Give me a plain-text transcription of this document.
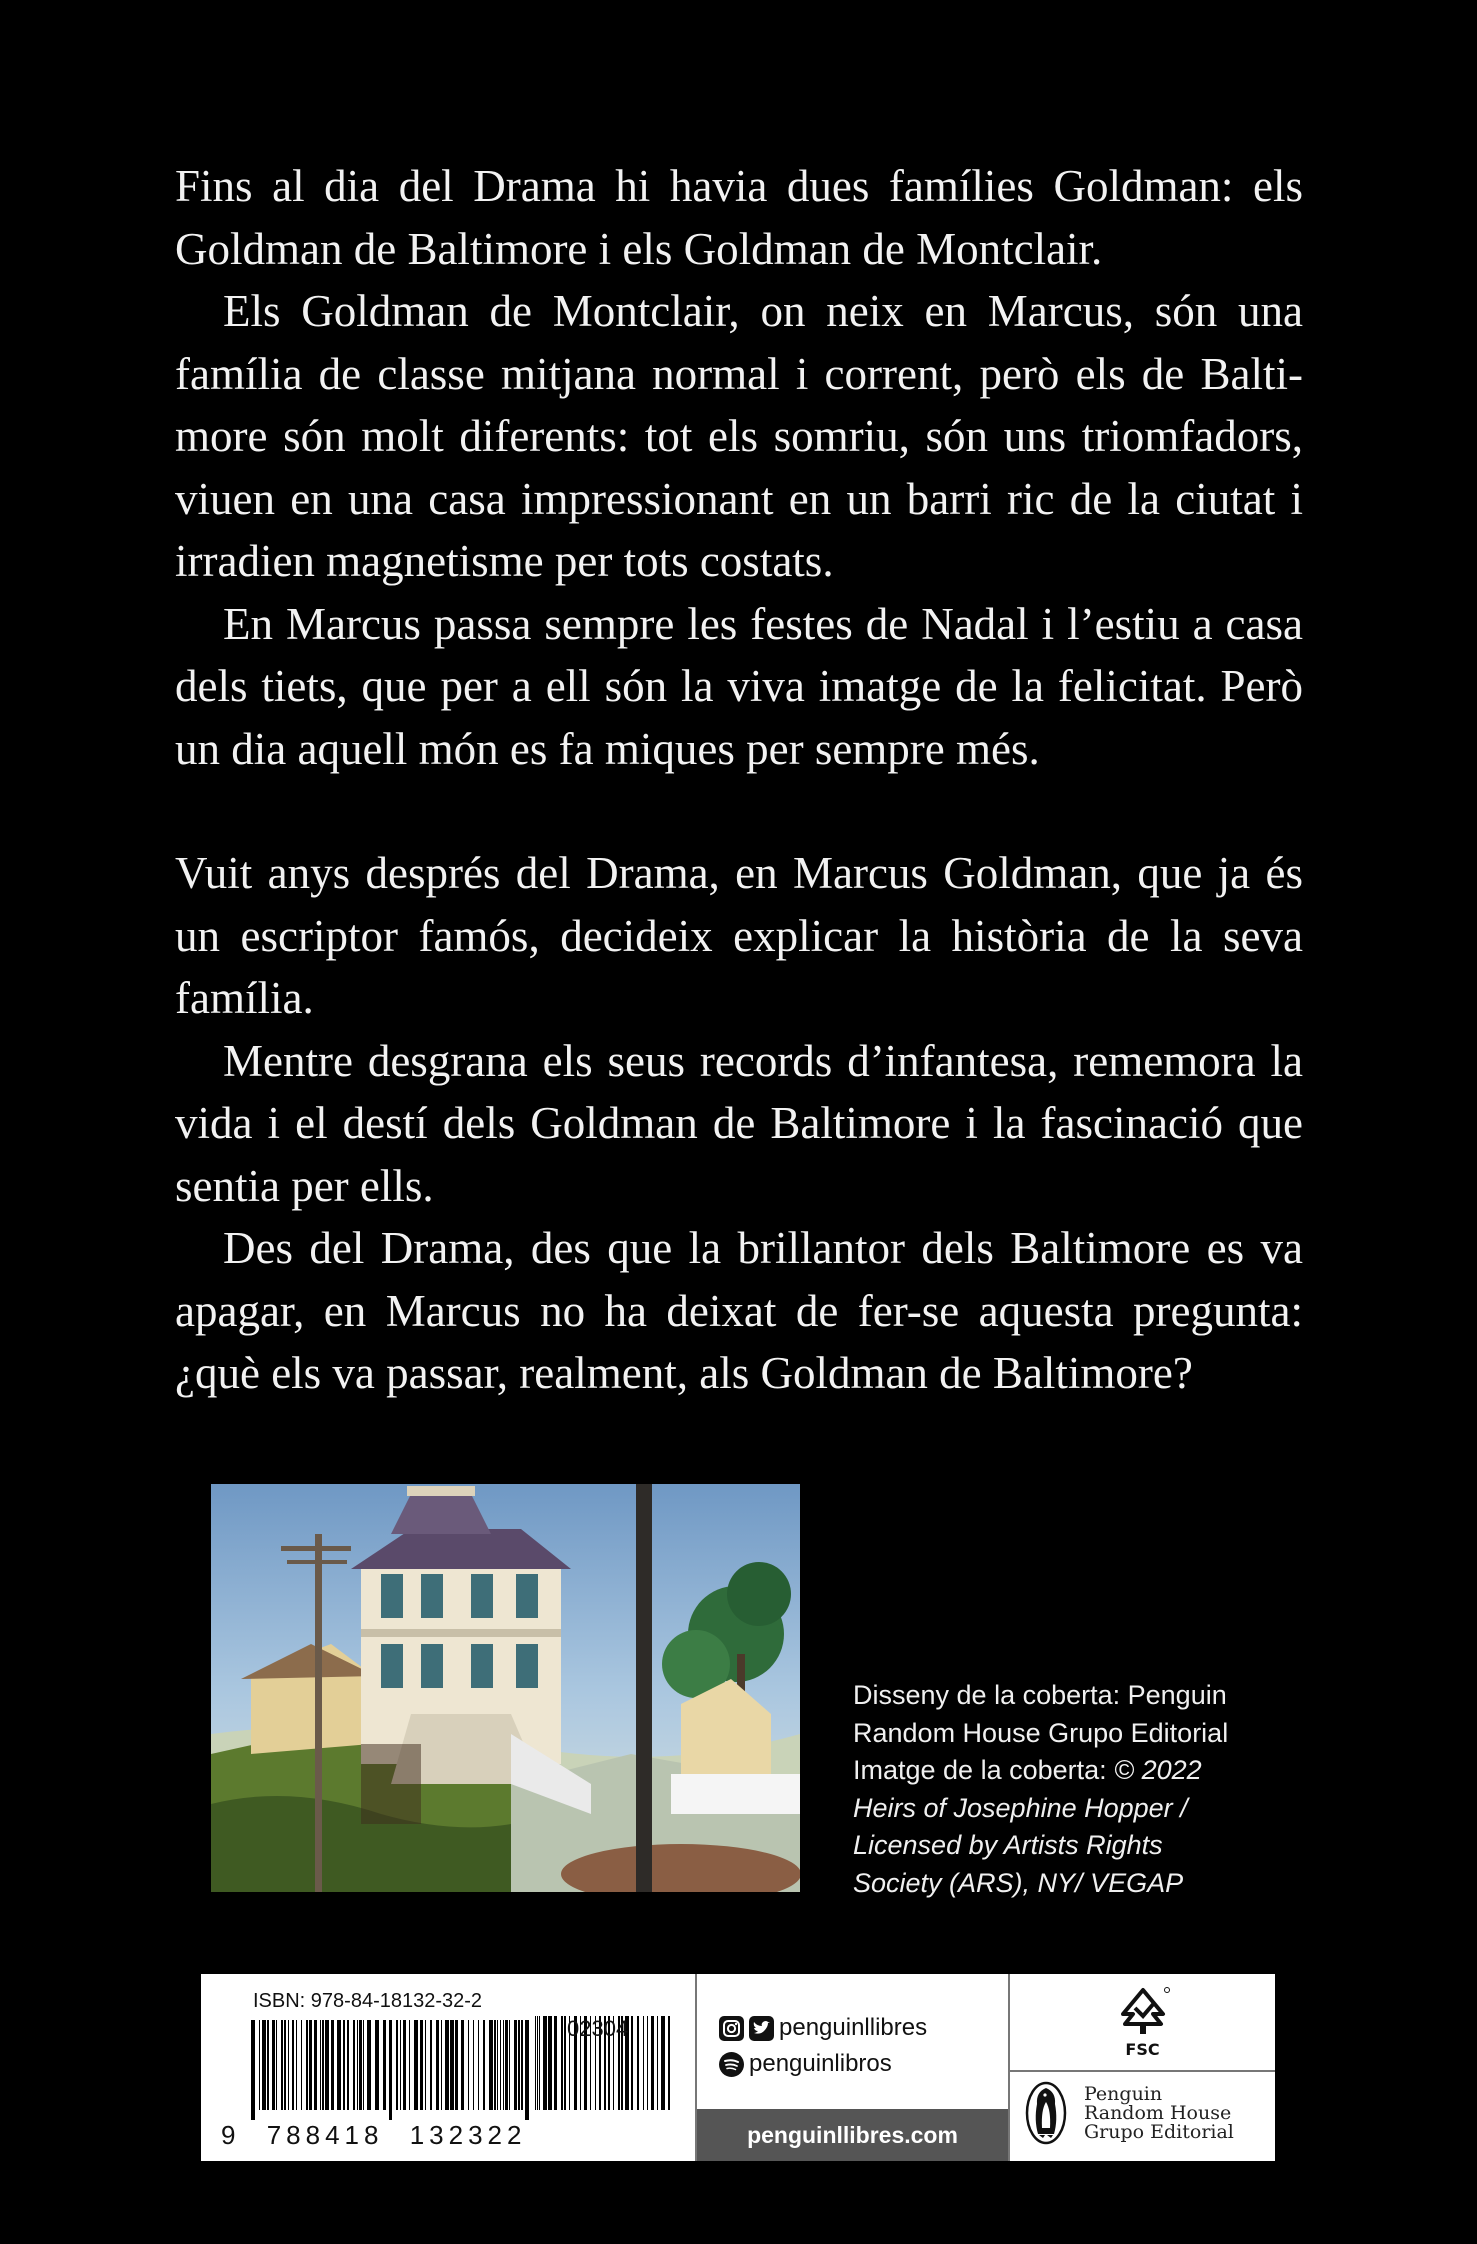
Fins al dia del Drama hi havia dues famílies Goldman: els Goldman de Baltimore i els Goldman de Montclair.

Els Goldman de Montclair, on neix en Marcus, són una família de classe mitjana normal i corrent, però els de Baltimore són molt diferents: tot els somriu, són uns triomfadors, viuen en una casa impressionant en un barri ric de la ciutat i irradien magnetisme per tots costats.

En Marcus passa sempre les festes de Nadal i l’estiu a casa dels tiets, que per a ell són la viva imatge de la felicitat. Però un dia aquell món es fa miques per sempre més.

Vuit anys després del Drama, en Marcus Goldman, que ja és un escriptor famós, decideix explicar la història de la seva família.

Mentre desgrana els seus records d’infantesa, rememora la vida i el destí dels Goldman de Baltimore i la fascinació que sentia per ells.

Des del Drama, des que la brillantor dels Baltimore es va apagar, en Marcus no ha deixat de fer-se aquesta pregunta: ¿què els va passar, realment, als Goldman de Baltimore?

Disseny de la coberta: Penguin
Random House Grupo Editorial
Imatge de la coberta: © 2022
Heirs of Josephine Hopper /
Licensed by Artists Rights
Society (ARS), NY/ VEGAP
ISBN: 978-84-18132-32-2
02304
9 788418 132322
penguinllibres
penguinlibros
penguinllibres.com
FSC
Penguin
Random House
Grupo Editorial
